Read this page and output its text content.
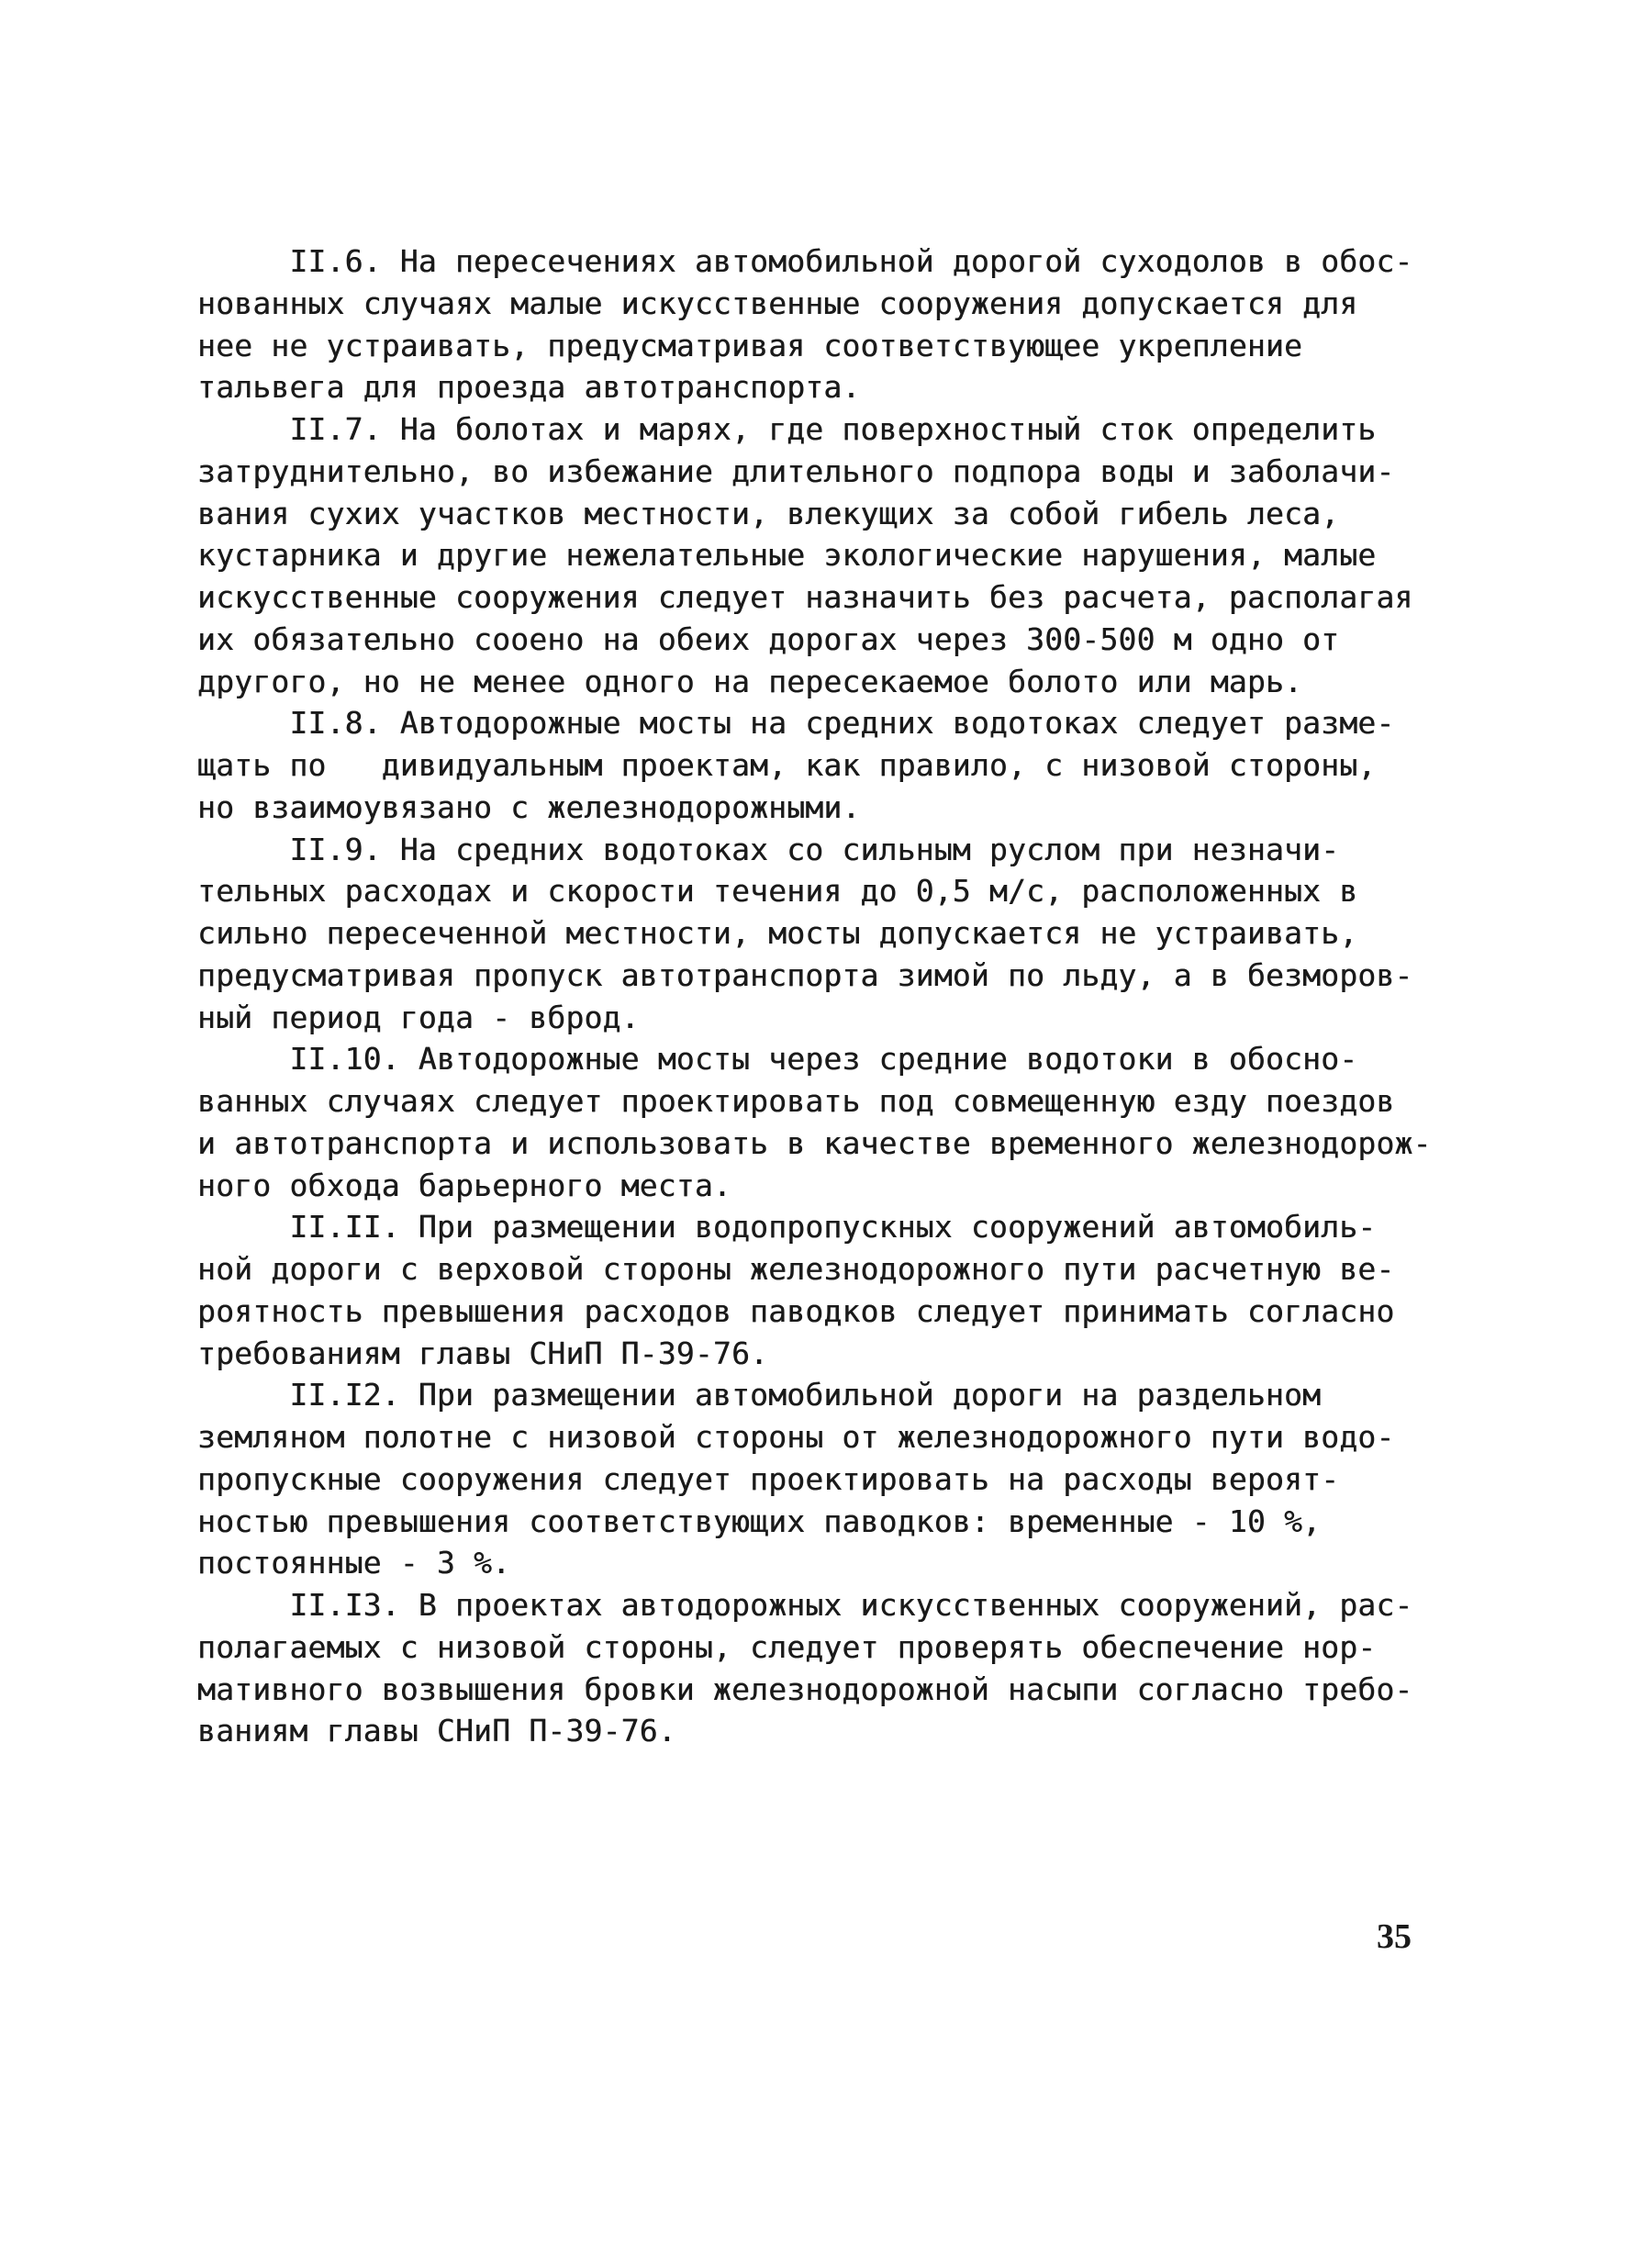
II.6. На пересечениях автомобильной дорогой суходолов в обос-
нованных случаях малые искусственные сооружения допускается для
нее не устраивать, предусматривая соответствующее укрепление
тальвега для проезда автотранспорта.
II.7. На болотах и марях, где поверхностный сток определить
затруднительно, во избежание длительного подпора воды и заболачи-
вания сухих участков местности, влекущих за собой гибель леса,
кустарника и другие нежелательные экологические нарушения, малые
искусственные сооружения следует назначить без расчета, располагая
их обязательно сооено на обеих дорогах через 300-500 м одно от
другого, но не менее одного на пересекаемое болото или марь.
II.8. Автодорожные мосты на средних водотоках следует разме-
щать по   дивидуальным проектам, как правило, с низовой стороны,
но взаимоувязано с железнодорожными.
II.9. На средних водотоках со сильным руслом при незначи-
тельных расходах и скорости течения до 0,5 м/с, расположенных в
сильно пересеченной местности, мосты допускается не устраивать,
предусматривая пропуск автотранспорта зимой по льду, а в безморов-
ный период года - вброд.
II.10. Автодорожные мосты через средние водотоки в обосно-
ванных случаях следует проектировать под совмещенную езду поездов
и автотранспорта и использовать в качестве временного железнодорож-
ного обхода барьерного места.
II.II. При размещении водопропускных сооружений автомобиль-
ной дороги с верховой стороны железнодорожного пути расчетную ве-
роятность превышения расходов паводков следует принимать согласно
требованиям главы СНиП П-39-76.
II.I2. При размещении автомобильной дороги на раздельном
земляном полотне с низовой стороны от железнодорожного пути водо-
пропускные сооружения следует проектировать на расходы вероят-
ностью превышения соответствующих паводков: временные - 10 %,
постоянные - 3 %.
II.I3. В проектах автодорожных искусственных сооружений, рас-
полагаемых с низовой стороны, следует проверять обеспечение нор-
мативного возвышения бровки железнодорожной насыпи согласно требо-
ваниям главы СНиП П-39-76.
35
